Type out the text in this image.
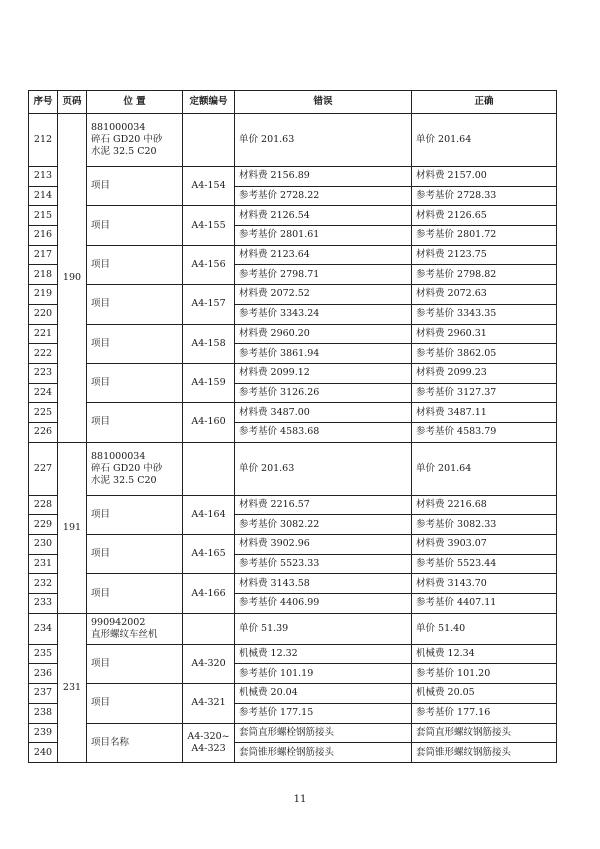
序号	页码	位 置	定额编号	错误	正确
212	190	881000034
碎石 GD20 中砂
水泥 32.5 C20		单价 201.63	单价 201.64
213		项目	A4-154	材料费 2156.89	材料费 2157.00
214				参考基价 2728.22	参考基价 2728.33
215		项目	A4-155	材料费 2126.54	材料费 2126.65
216				参考基价 2801.61	参考基价 2801.72
217		项目	A4-156	材料费 2123.64	材料费 2123.75
218				参考基价 2798.71	参考基价 2798.82
219		项目	A4-157	材料费 2072.52	材料费 2072.63
220				参考基价 3343.24	参考基价 3343.35
221		项目	A4-158	材料费 2960.20	材料费 2960.31
222				参考基价 3861.94	参考基价 3862.05
223		项目	A4-159	材料费 2099.12	材料费 2099.23
224				参考基价 3126.26	参考基价 3127.37
225		项目	A4-160	材料费 3487.00	材料费 3487.11
226				参考基价 4583.68	参考基价 4583.79
227	191	881000034
碎石 GD20 中砂
水泥 32.5 C20		单价 201.63	单价 201.64
228		项目	A4-164	材料费 2216.57	材料费 2216.68
229				参考基价 3082.22	参考基价 3082.33
230		项目	A4-165	材料费 3902.96	材料费 3903.07
231				参考基价 5523.33	参考基价 5523.44
232		项目	A4-166	材料费 3143.58	材料费 3143.70
233				参考基价 4406.99	参考基价 4407.11
234	231	990942002
直形螺纹车丝机		单价 51.39	单价 51.40
235		项目	A4-320	机械费 12.32	机械费 12.34
236				参考基价 101.19	参考基价 101.20
237		项目	A4-321	机械费 20.04	机械费 20.05
238				参考基价 177.15	参考基价 177.16
239		项目名称	A4-320~ A4-323	套筒直形螺栓钢筋接头	套筒直形螺纹钢筋接头
240				套筒锥形螺栓钢筋接头	套筒锥形螺纹钢筋接头
11
